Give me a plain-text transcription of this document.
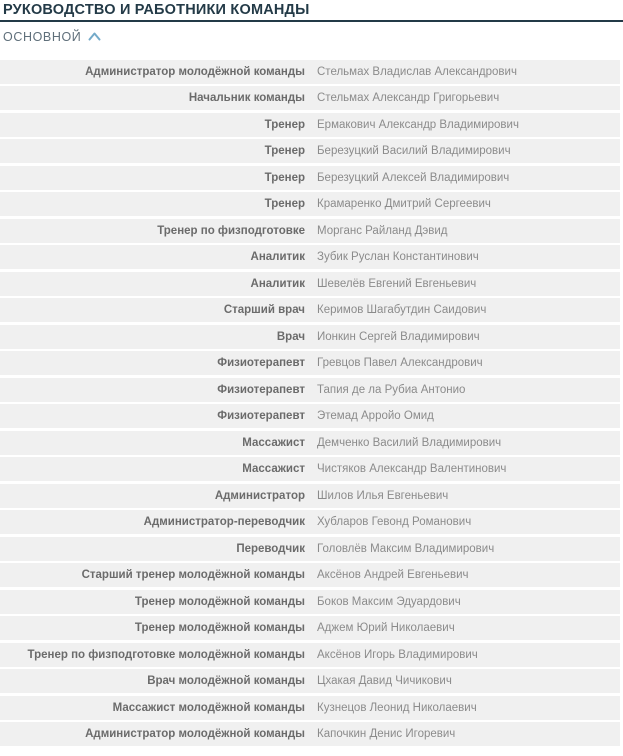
РУКОВОДСТВО И РАБОТНИКИ КОМАНДЫ
ОСНОВНОЙ
Администратор молодёжной команды Стельмах Владислав Александрович
Начальник команды Стельмах Александр Григорьевич
Тренер Ермакович Александр Владимирович
Тренер Березуцкий Василий Владимирович
Тренер Березуцкий Алексей Владимирович
Тренер Крамаренко Дмитрий Сергеевич
Тренер по физподготовке Морганс Райланд Дэвид
Аналитик Зубик Руслан Константинович
Аналитик Шевелёв Евгений Евгеньевич
Старший врач Керимов Шагабутдин Саидович
Врач Ионкин Сергей Владимирович
Физиотерапевт Гревцов Павел Александрович
Физиотерапевт Тапия де ла Рубиа Антонио
Физиотерапевт Этемад Арройо Омид
Массажист Демченко Василий Владимирович
Массажист Чистяков Александр Валентинович
Администратор Шилов Илья Евгеньевич
Администратор-переводчик Хубларов Гевонд Романович
Переводчик Головлёв Максим Владимирович
Старший тренер молодёжной команды Аксёнов Андрей Евгеньевич
Тренер молодёжной команды Боков Максим Эдуардович
Тренер молодёжной команды Аджем Юрий Николаевич
Тренер по физподготовке молодёжной команды Аксёнов Игорь Владимирович
Врач молодёжной команды Цхакая Давид Чичикович
Массажист молодёжной команды Кузнецов Леонид Николаевич
Администратор молодёжной команды Капочкин Денис Игоревич
